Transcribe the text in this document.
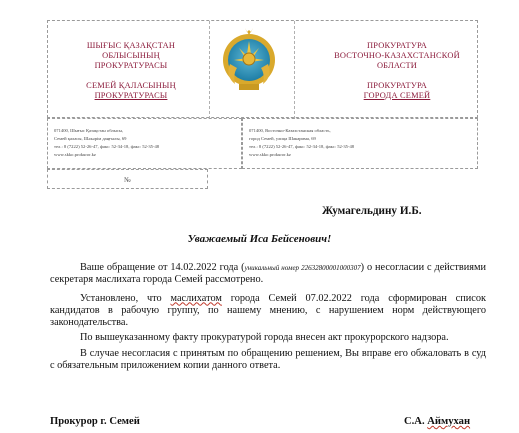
ШЫҒЫС ҚАЗАҚСТАН
ОБЛЫСЫНЫҢ
ПРОКУРАТУРАСЫ
СЕМЕЙ ҚАЛАСЫНЫҢ
ПРОКУРАТУРАСЫ
ПРОКУРАТУРА
ВОСТОЧНО-КАЗАХСТАНСКОЙ
ОБЛАСТИ
ПРОКУРАТУРА
ГОРОДА СЕМЕЙ
071400, Шығыс Қазақстан облысы,
Семей қаласы, Шәкәрім даңғылы, 69
тел.: 8 (7222) 52-26-47, факс: 52-34-18, факс: 52-35-48
www.skko.prokuror.kz
071400, Восточно-Казахстанская область,
город Семей, улица Шакарима, 69
тел.: 8 (7222) 52-26-47, факс: 52-34-18, факс: 52-35-48
www.skko.prokuror.kz
№
Жумагельдину И.Б.
Уважаемый Иса Бейсенович!

Ваше обращение от 14.02.2022 года (уникальный номер 22632800001000307) о несогласии с действиями секретаря маслихата города Семей рассмотрено.

Установлено, что маслихатом города Семей 07.02.2022 года сформирован список кандидатов в рабочую группу, по нашему мнению, с нарушением норм действующего законодательства.

По вышеуказанному факту прокуратурой города внесен акт прокурорского надзора.

В случае несогласия с принятым по обращению решением, Вы вправе его обжаловать в суд с обязательным приложением копии данного ответа.

Прокурор г. Семей	С.А. Аймухан
